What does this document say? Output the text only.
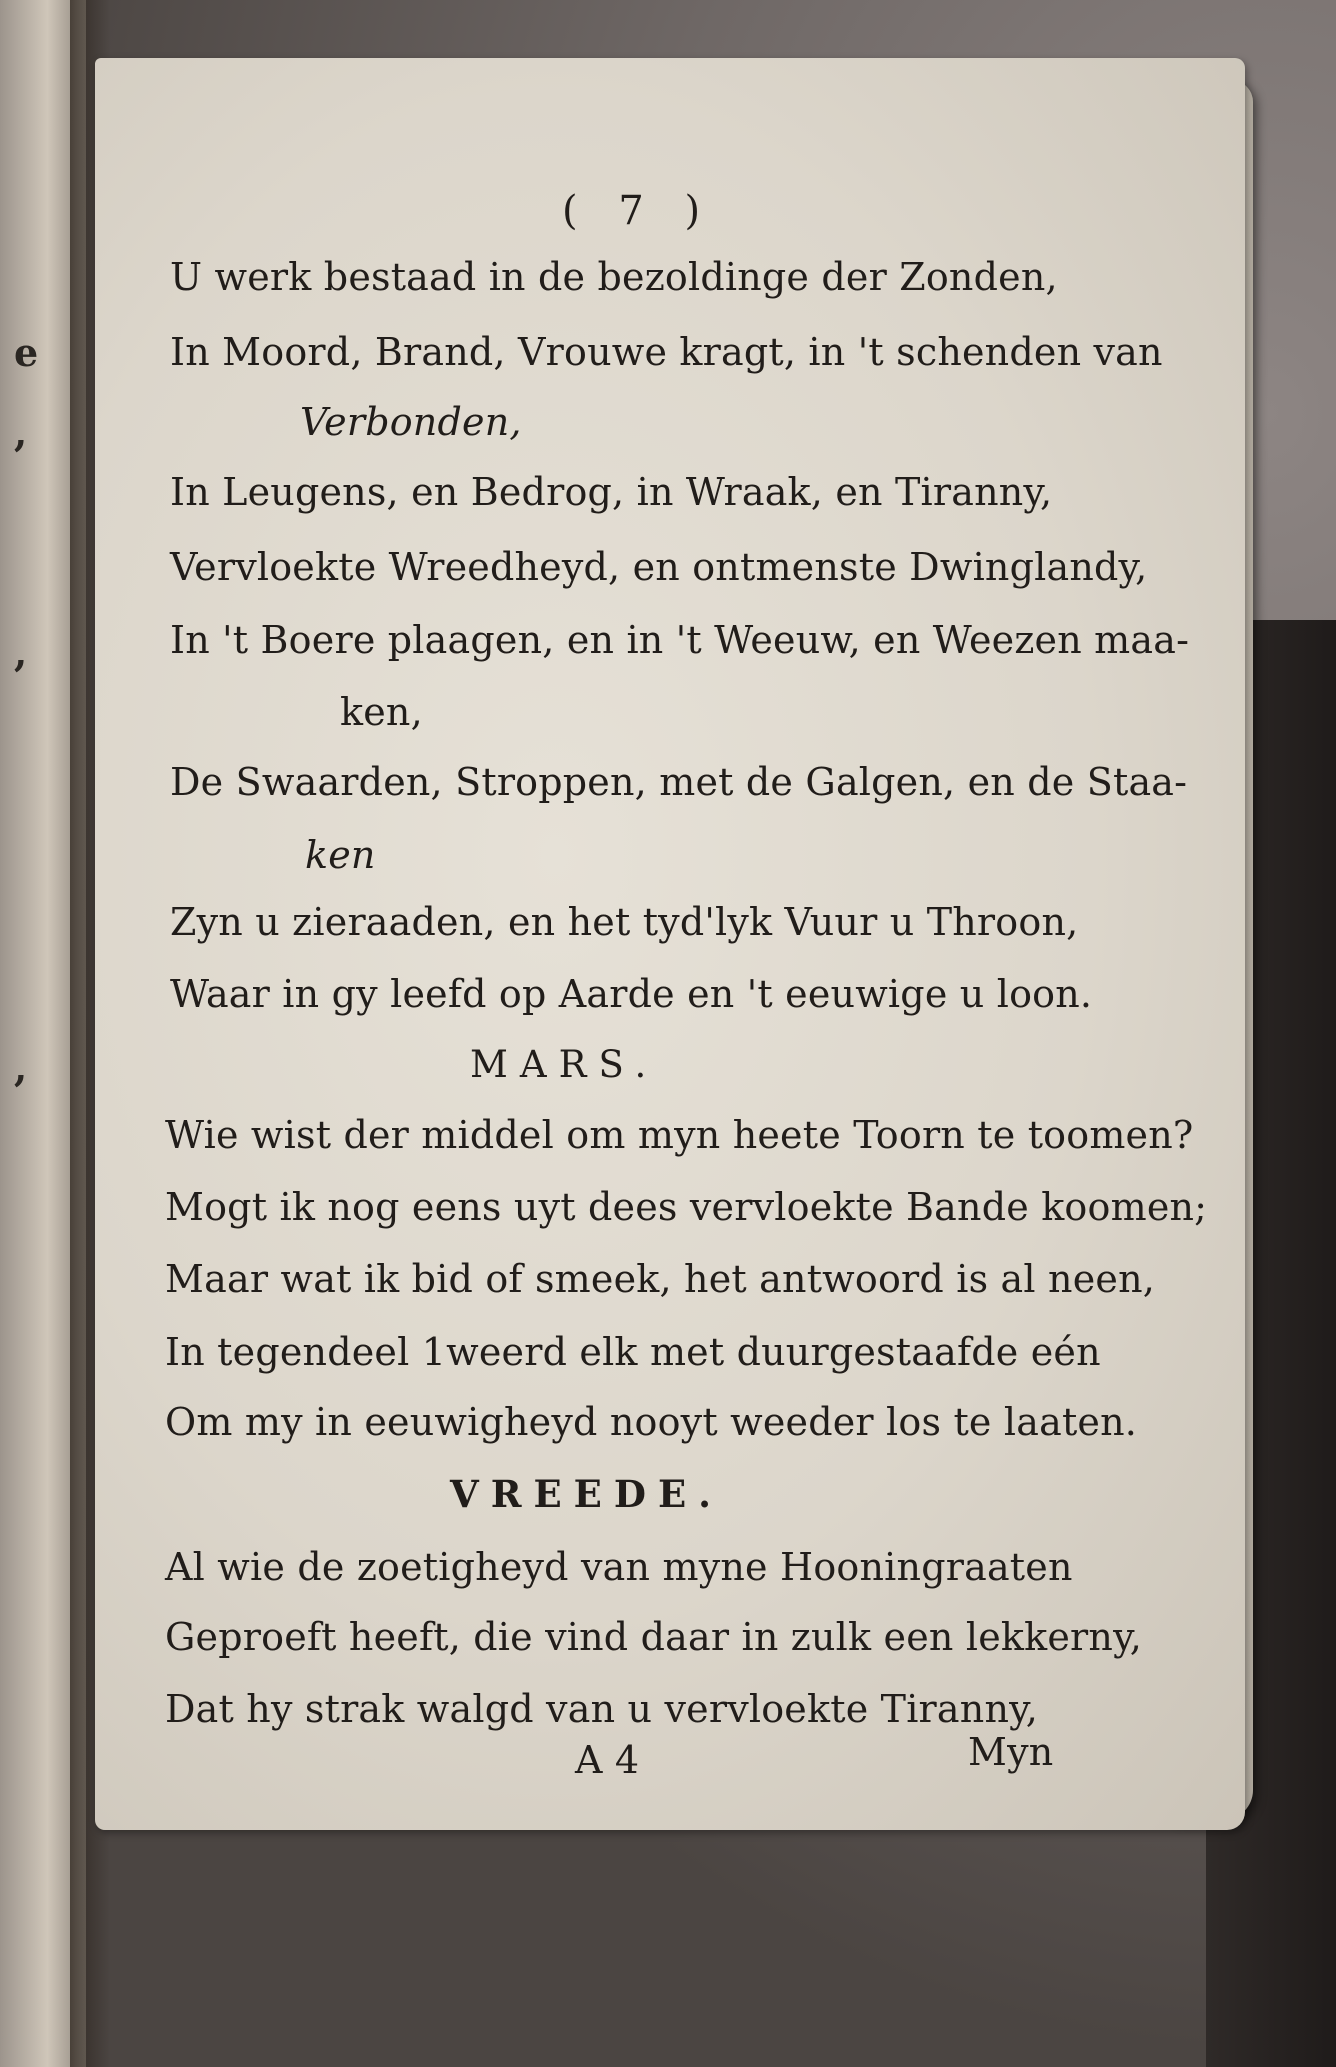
e
,
,
,
( 7 )
U werk bestaad in de bezoldinge der Zonden,
In Moord, Brand, Vrouwe kragt, in 't schenden van
Verbonden,
In Leugens, en Bedrog, in Wraak, en Tiranny,
Vervloekte Wreedheyd, en ontmenste Dwinglandy,
In 't Boere plaagen, en in 't Weeuw, en Weezen maa-
ken,
De Swaarden, Stroppen, met de Galgen, en de Staa-
ken
Zyn u zieraaden, en het tyd'lyk Vuur u Throon,
Waar in gy leefd op Aarde en 't eeuwige u loon.
MARS.
Wie wist der middel om myn heete Toorn te toomen?
Mogt ik nog eens uyt dees vervloekte Bande koomen;
Maar wat ik bid of smeek, het antwoord is al neen,
In tegendeel 1weerd elk met duurgestaafde eén
Om my in eeuwigheyd nooyt weeder los te laaten.
VREEDE.
Al wie de zoetigheyd van myne Hooningraaten
Geproeft heeft, die vind daar in zulk een lekkerny,
Dat hy strak walgd van u vervloekte Tiranny,
A 4	Myn
